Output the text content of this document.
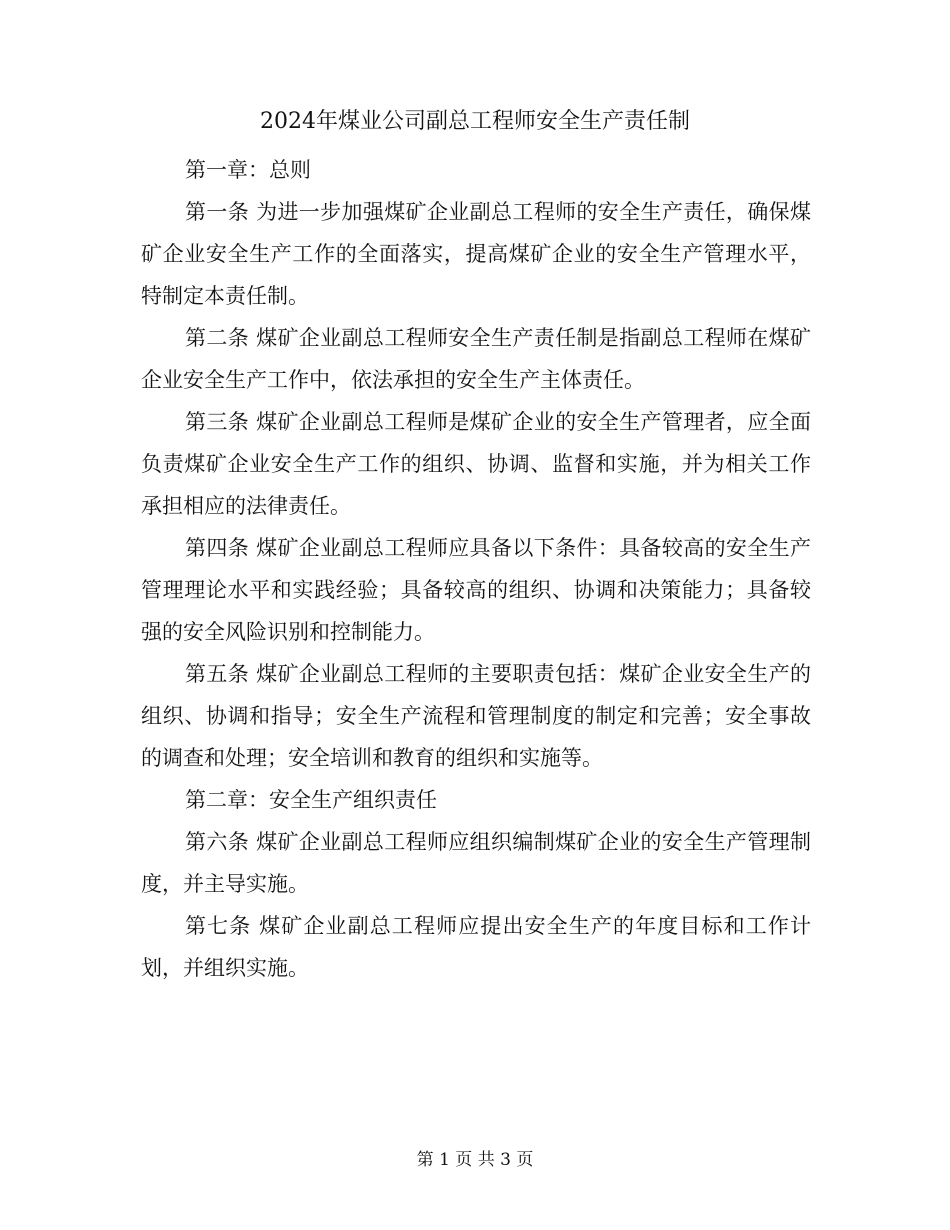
2024年煤业公司副总工程师安全生产责任制

第一章：总则

第一条 为进一步加强煤矿企业副总工程师的安全生产责任，确保煤矿企业安全生产工作的全面落实，提高煤矿企业的安全生产管理水平，特制定本责任制。

第二条 煤矿企业副总工程师安全生产责任制是指副总工程师在煤矿企业安全生产工作中，依法承担的安全生产主体责任。

第三条 煤矿企业副总工程师是煤矿企业的安全生产管理者，应全面负责煤矿企业安全生产工作的组织、协调、监督和实施，并为相关工作承担相应的法律责任。

第四条 煤矿企业副总工程师应具备以下条件：具备较高的安全生产管理理论水平和实践经验；具备较高的组织、协调和决策能力；具备较强的安全风险识别和控制能力。

第五条 煤矿企业副总工程师的主要职责包括：煤矿企业安全生产的组织、协调和指导；安全生产流程和管理制度的制定和完善；安全事故的调查和处理；安全培训和教育的组织和实施等。

第二章：安全生产组织责任

第六条 煤矿企业副总工程师应组织编制煤矿企业的安全生产管理制度，并主导实施。

第七条 煤矿企业副总工程师应提出安全生产的年度目标和工作计划，并组织实施。

第 1 页 共 3 页
